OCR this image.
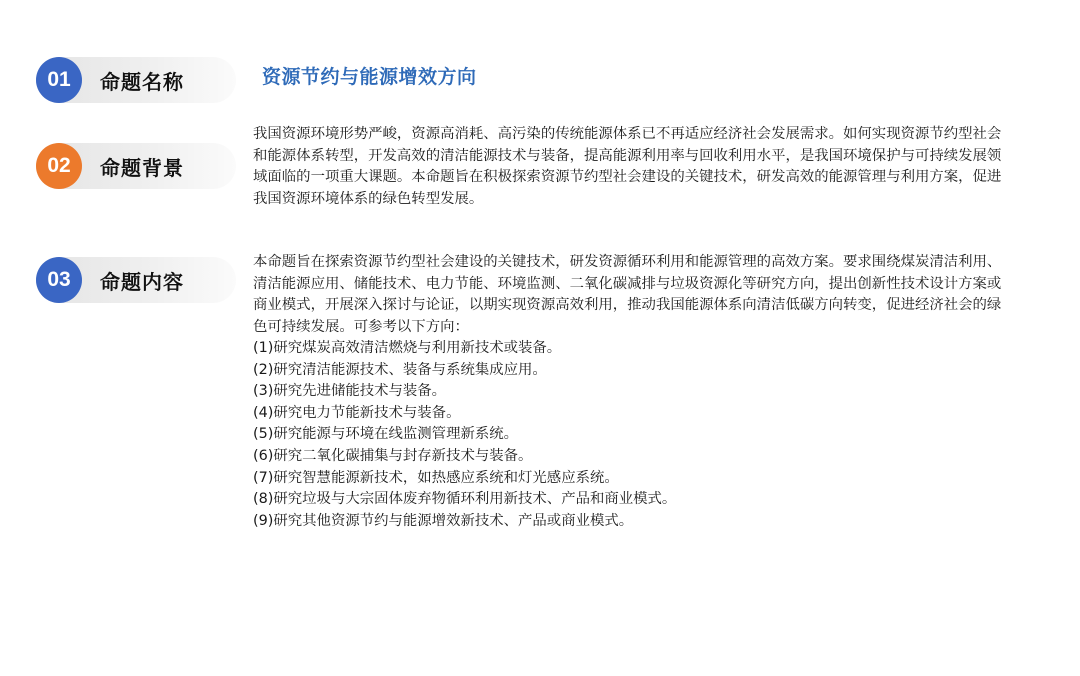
01	命题名称
02	命题背景
03	命题内容
资源节约与能源增效方向

我国资源环境形势严峻，资源高消耗、高污染的传统能源体系已不再适应经济社会发展需求。如何实现资源节约型社会和能源体系转型，开发高效的清洁能源技术与装备，提高能源利用率与回收利用水平，是我国环境保护与可持续发展领域面临的一项重大课题。本命题旨在积极探索资源节约型社会建设的关键技术，研发高效的能源管理与利用方案，促进我国资源环境体系的绿色转型发展。

本命题旨在探索资源节约型社会建设的关键技术，研发资源循环利用和能源管理的高效方案。要求围绕煤炭清洁利用、清洁能源应用、储能技术、电力节能、环境监测、二氧化碳减排与垃圾资源化等研究方向，提出创新性技术设计方案或商业模式，开展深入探讨与论证，以期实现资源高效利用，推动我国能源体系向清洁低碳方向转变，促进经济社会的绿色可持续发展。可参考以下方向：

(1)研究煤炭高效清洁燃烧与利用新技术或装备。
(2)研究清洁能源技术、装备与系统集成应用。
(3)研究先进储能技术与装备。
(4)研究电力节能新技术与装备。
(5)研究能源与环境在线监测管理新系统。
(6)研究二氧化碳捕集与封存新技术与装备。
(7)研究智慧能源新技术，如热感应系统和灯光感应系统。
(8)研究垃圾与大宗固体废弃物循环利用新技术、产品和商业模式。
(9)研究其他资源节约与能源增效新技术、产品或商业模式。
